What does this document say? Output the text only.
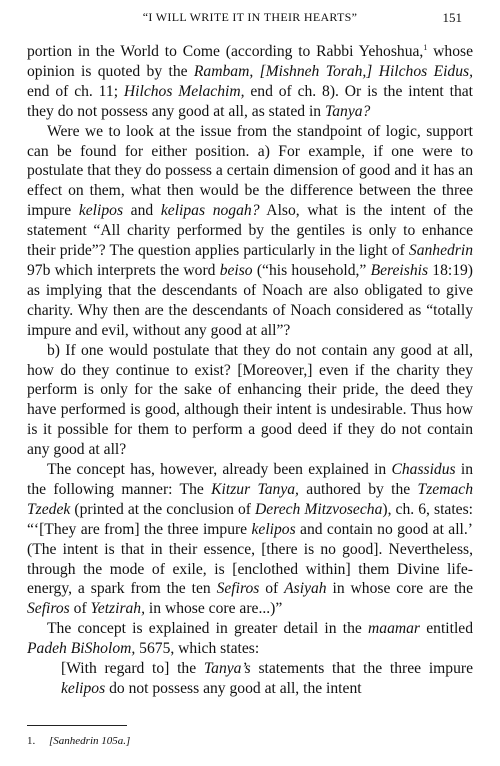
“I WILL WRITE IT IN THEIR HEARTS”	151

portion in the World to Come (according to Rabbi Yehoshua,$^1$ whose opinion is quoted by the Rambam, [Mishneh Torah,] Hilchos Eidus, end of ch. 11; Hilchos Melachim, end of ch. 8). Or is the intent that they do not possess any good at all, as stated in Tanya?

Were we to look at the issue from the standpoint of logic, support can be found for either position. a) For example, if one were to postulate that they do possess a certain dimension of good and it has an effect on them, what then would be the difference between the three impure kelipos and kelipas nogah? Also, what is the intent of the statement “All charity performed by the gentiles is only to enhance their pride”? The question applies particularly in the light of Sanhedrin 97b which interprets the word beiso (“his household,” Bereishis 18:19) as implying that the descendants of Noach are also obligated to give charity. Why then are the descendants of Noach considered as “totally impure and evil, without any good at all”?

b) If one would postulate that they do not contain any good at all, how do they continue to exist? [Moreover,] even if the charity they perform is only for the sake of enhancing their pride, the deed they have performed is good, although their intent is undesirable. Thus how is it possible for them to perform a good deed if they do not contain any good at all?

The concept has, however, already been explained in Chassidus in the following manner: The Kitzur Tanya, authored by the Tzemach Tzedek (printed at the conclusion of Derech Mitzvosecha), ch. 6, states: “‘[They are from] the three impure kelipos and contain no good at all.’ (The intent is that in their essence, [there is no good]. Nevertheless, through the mode of exile, is [enclothed within] them Divine life-energy, a spark from the ten Sefiros of Asiyah in whose core are the Sefiros of Yetzirah, in whose core are...)”

The concept is explained in greater detail in the maamar entitled Padeh BiSholom, 5675, which states:

[With regard to] the Tanya’s statements that the three impure kelipos do not possess any good at all, the intent

1. [Sanhedrin 105a.]
